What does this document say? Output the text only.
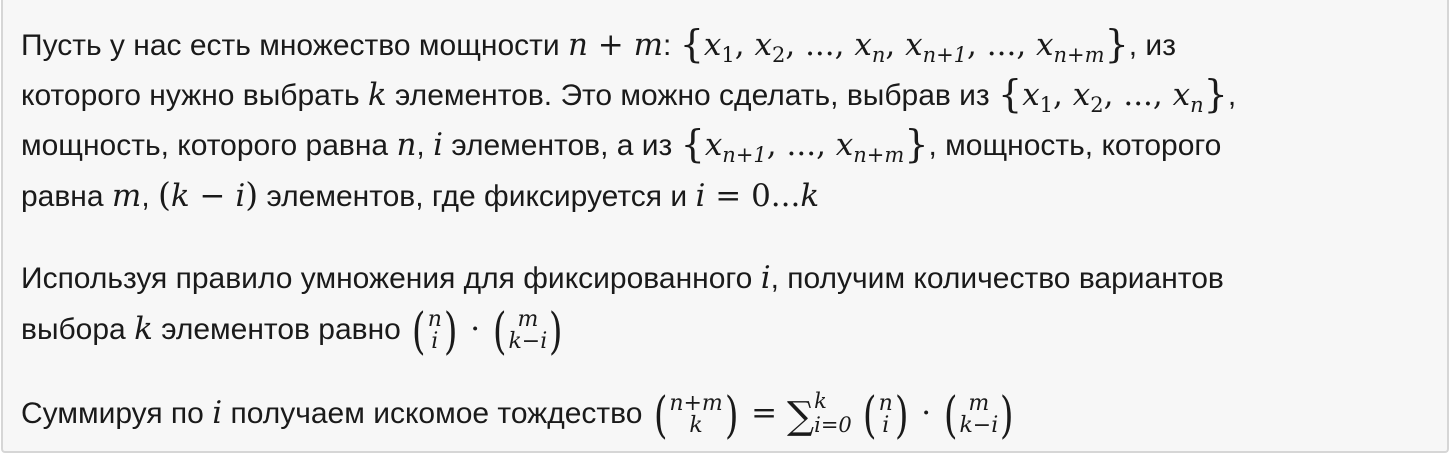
Пусть у нас есть множество мощности n + m: {$x_1$, $x_2$, ..., $x_n$, $x_{n+1}$, ..., $x_{n+m}$}, из
которого нужно выбрать k элементов. Это можно сделать, выбрав из {$x_1$, $x_2$, ..., $x_n$},
мощность, которого равна n, i элементов, а из {$x_{n+1}$, ..., $x_{n+m}$}, мощность, которого
равна m, (k − i) элементов, где фиксируется и i = 0...k
Используя правило умножения для фиксированного i, получим количество вариантов
выбора k элементов равно ( n
i ) · ( m
k−i )
Суммируя по i получаем искомое тождество ( n+m
k ) = ∑ k
i=0 ( n
i ) · ( m
k−i )
